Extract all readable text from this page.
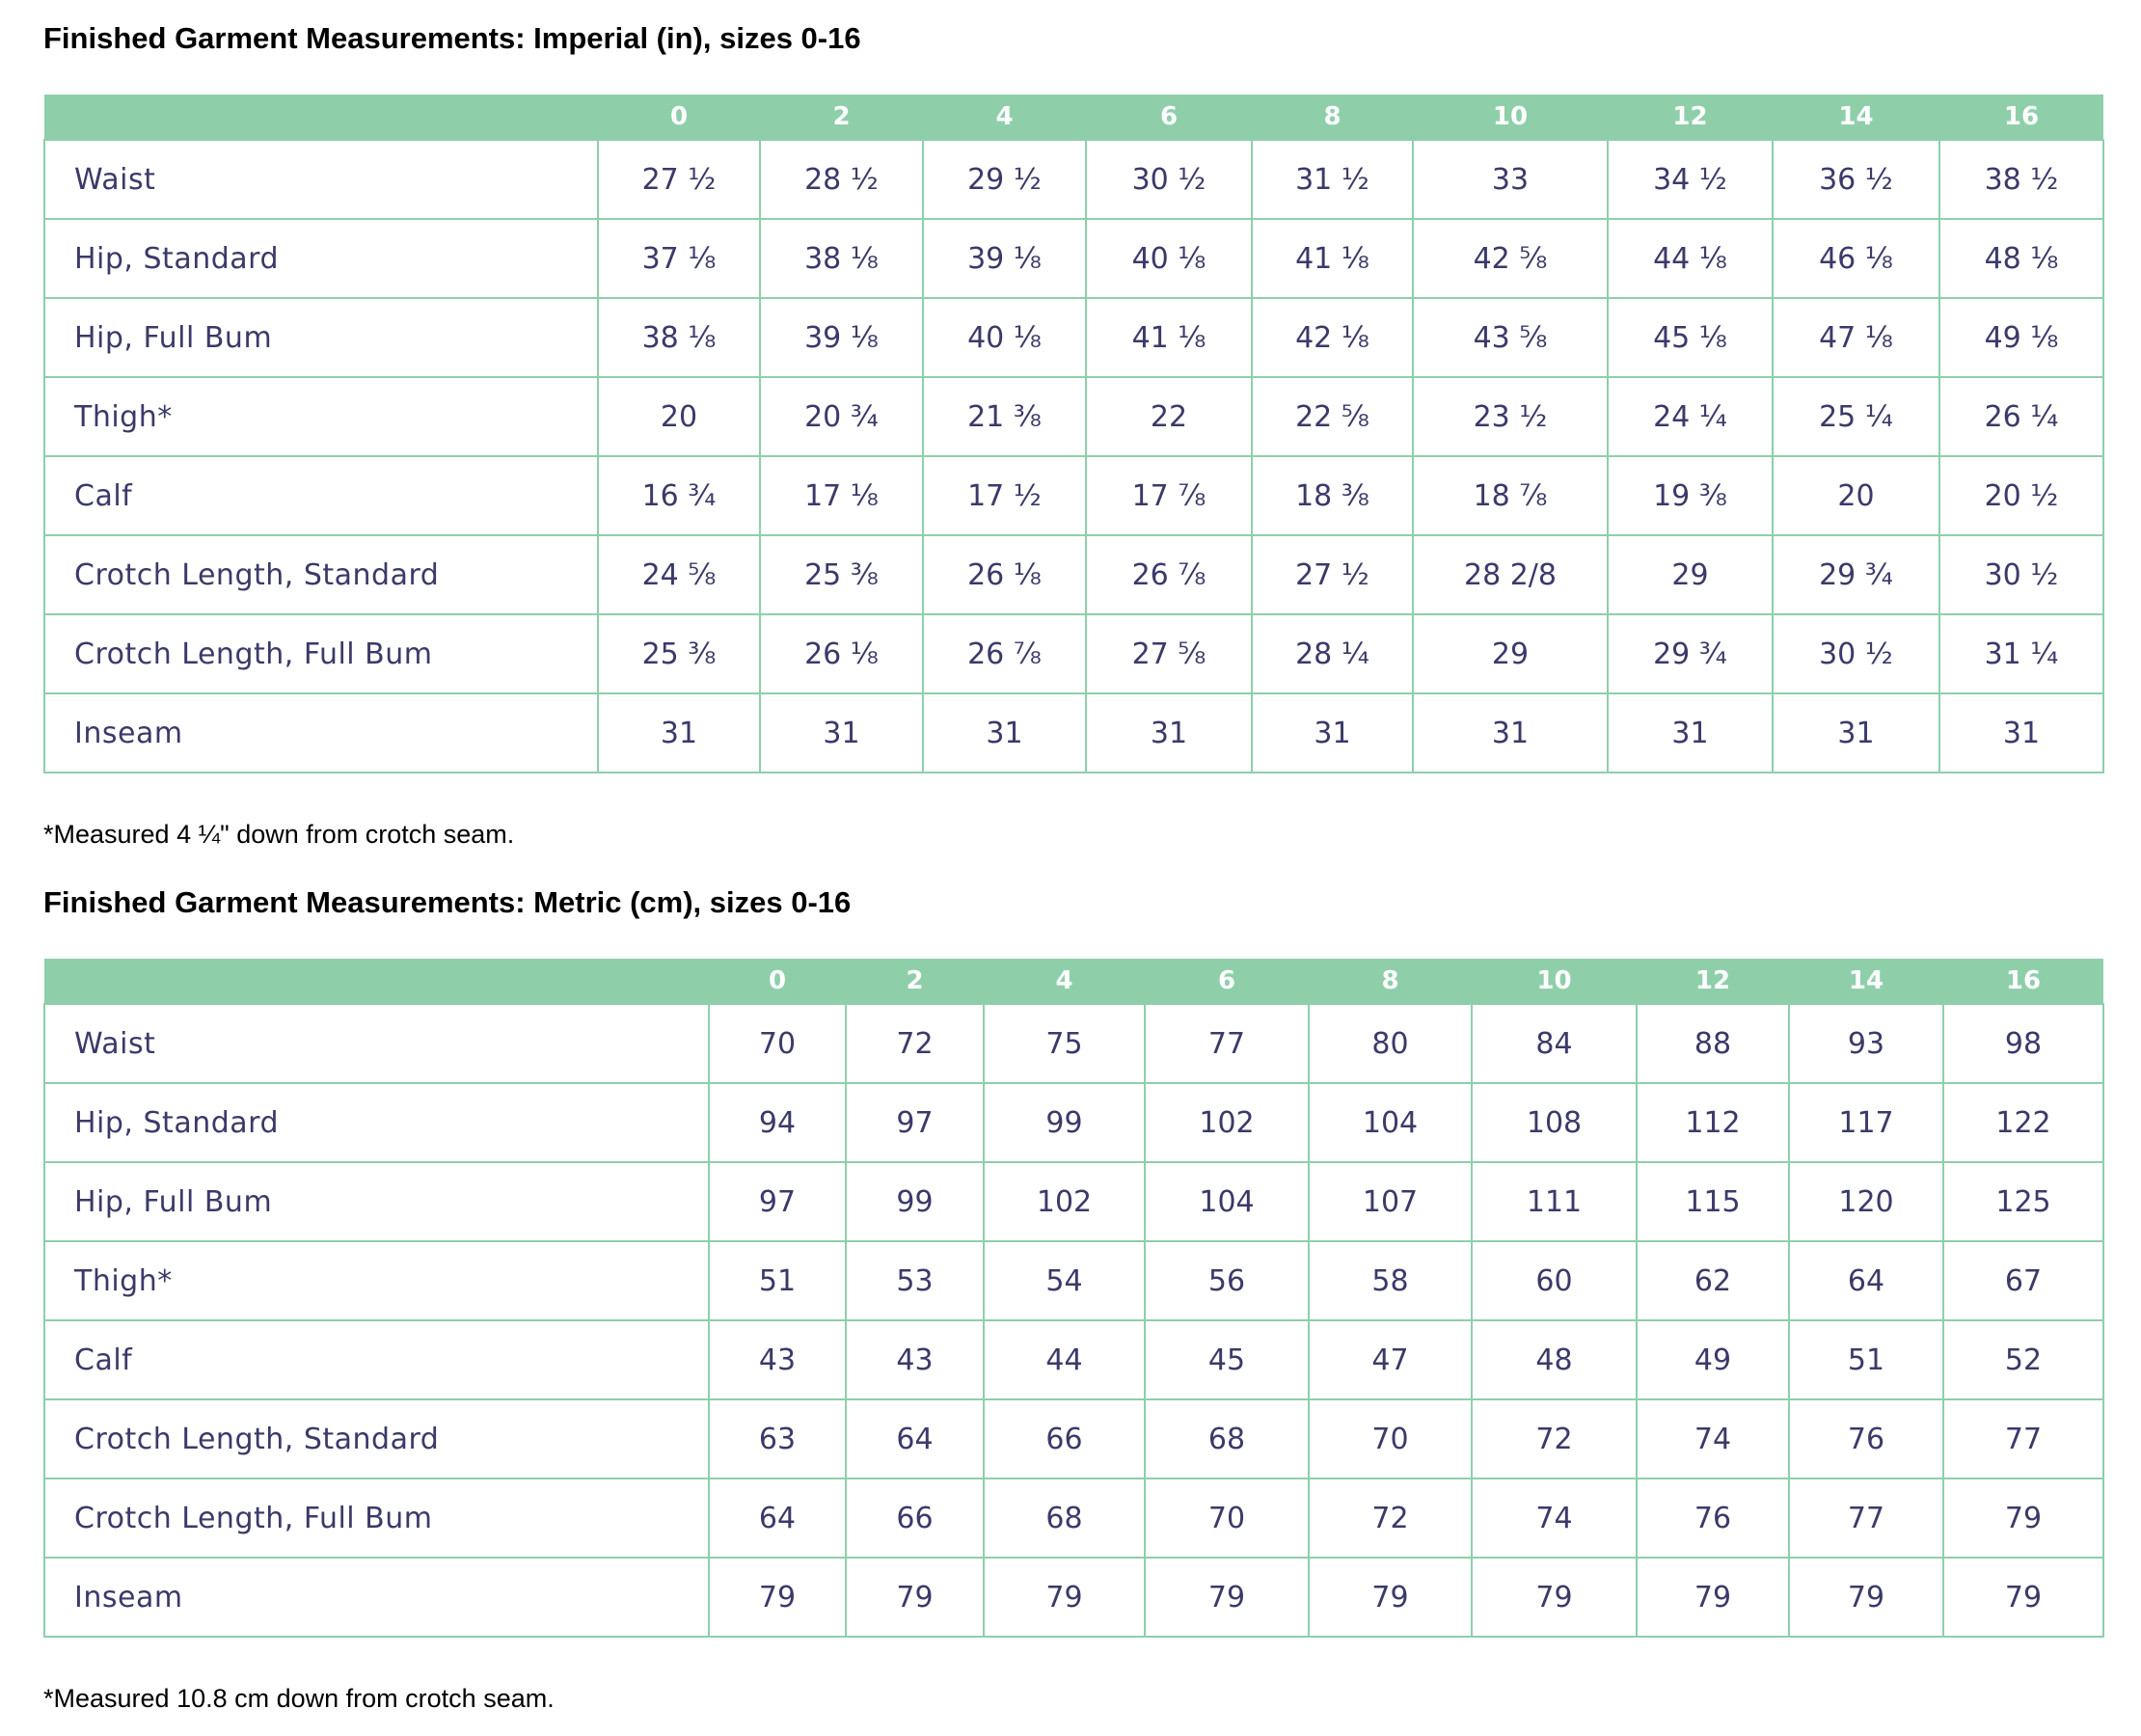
Finished Garment Measurements: Imperial (in), sizes 0-16
	0	2	4	6	8	10	12	14	16
Waist	27 ½	28 ½	29 ½	30 ½	31 ½	33	34 ½	36 ½	38 ½
Hip, Standard	37 ⅛	38 ⅛	39 ⅛	40 ⅛	41 ⅛	42 ⅝	44 ⅛	46 ⅛	48 ⅛
Hip, Full Bum	38 ⅛	39 ⅛	40 ⅛	41 ⅛	42 ⅛	43 ⅝	45 ⅛	47 ⅛	49 ⅛
Thigh*	20	20 ¾	21 ⅜	22	22 ⅝	23 ½	24 ¼	25 ¼	26 ¼
Calf	16 ¾	17 ⅛	17 ½	17 ⅞	18 ⅜	18 ⅞	19 ⅜	20	20 ½
Crotch Length, Standard	24 ⅝	25 ⅜	26 ⅛	26 ⅞	27 ½	28 2/8	29	29 ¾	30 ½
Crotch Length, Full Bum	25 ⅜	26 ⅛	26 ⅞	27 ⅝	28 ¼	29	29 ¾	30 ½	31 ¼
Inseam	31	31	31	31	31	31	31	31	31

*Measured 4 ¼" down from crotch seam.

Finished Garment Measurements: Metric (cm), sizes 0-16
	0	2	4	6	8	10	12	14	16
Waist	70	72	75	77	80	84	88	93	98
Hip, Standard	94	97	99	102	104	108	112	117	122
Hip, Full Bum	97	99	102	104	107	111	115	120	125
Thigh*	51	53	54	56	58	60	62	64	67
Calf	43	43	44	45	47	48	49	51	52
Crotch Length, Standard	63	64	66	68	70	72	74	76	77
Crotch Length, Full Bum	64	66	68	70	72	74	76	77	79
Inseam	79	79	79	79	79	79	79	79	79

*Measured 10.8 cm down from crotch seam.
